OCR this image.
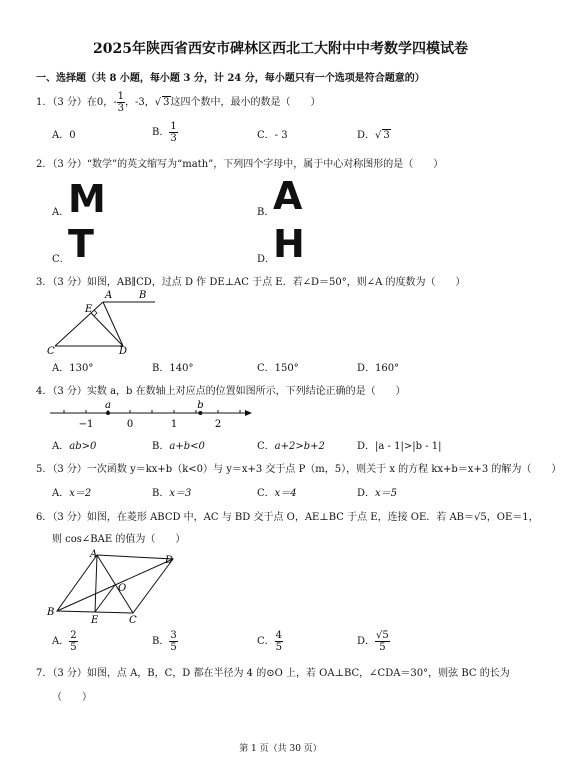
2025年陕西省西安市碑林区西北工大附中中考数学四模试卷
一、选择题（共 8 小题，每小题 3 分，计 24 分，每小题只有一个选项是符合题意的）
1．（3 分）在0，- $\frac{1}{3}$ ，-3，√ 3这四个数中，最小的数是（　　）
A．0	B． $\frac{1}{3}$	C．- 3	D．√ 3
2．（3 分）“数学”的英文缩写为“math”，下列四个字母中，属于中心对称图形的是（　　）
A．
M	B．
A
C．
T	D．
H
3．（3 分）如图，AB∥CD，过点 D 作 DE⊥AC 于点 E．若∠D＝50°，则∠A 的度数为（　　）
A	B
C	D
E
A．130°	B．140°	C．150°	D．160°
4．（3 分）实数 a，b 在数轴上对应点的位置如图所示，下列结论正确的是（　　）
−1	0	1	2
a	b
A．ab>0	B．a+b<0	C．a+2>b+2	D．|a - 1|>|b - 1|
5．（3 分）一次函数 y＝kx+b（k<0）与 y＝x+3 交于点 P（m，5），则关于 x 的方程 kx+b＝x+3 的解为（　　）
A．x＝2	B．x＝3	C．x＝4	D．x＝5
6．（3 分）如图，在菱形 ABCD 中，AC 与 BD 交于点 O，AE⊥BC 于点 E，连接 OE．若 AB＝√5，OE＝1，
则 cos∠BAE 的值为（　　）
A
D
B
C
E
O
A． $\frac{2}{5}$	B． $\frac{3}{5}$	C． $\frac{4}{5}$	D． $\frac{√5}{5}$
7．（3 分）如图，点 A，B，C，D 都在半径为 4 的⊙O 上，若 OA⊥BC，∠CDA＝30°，则弦 BC 的长为
（　　）
第 1 页（共 30 页）
